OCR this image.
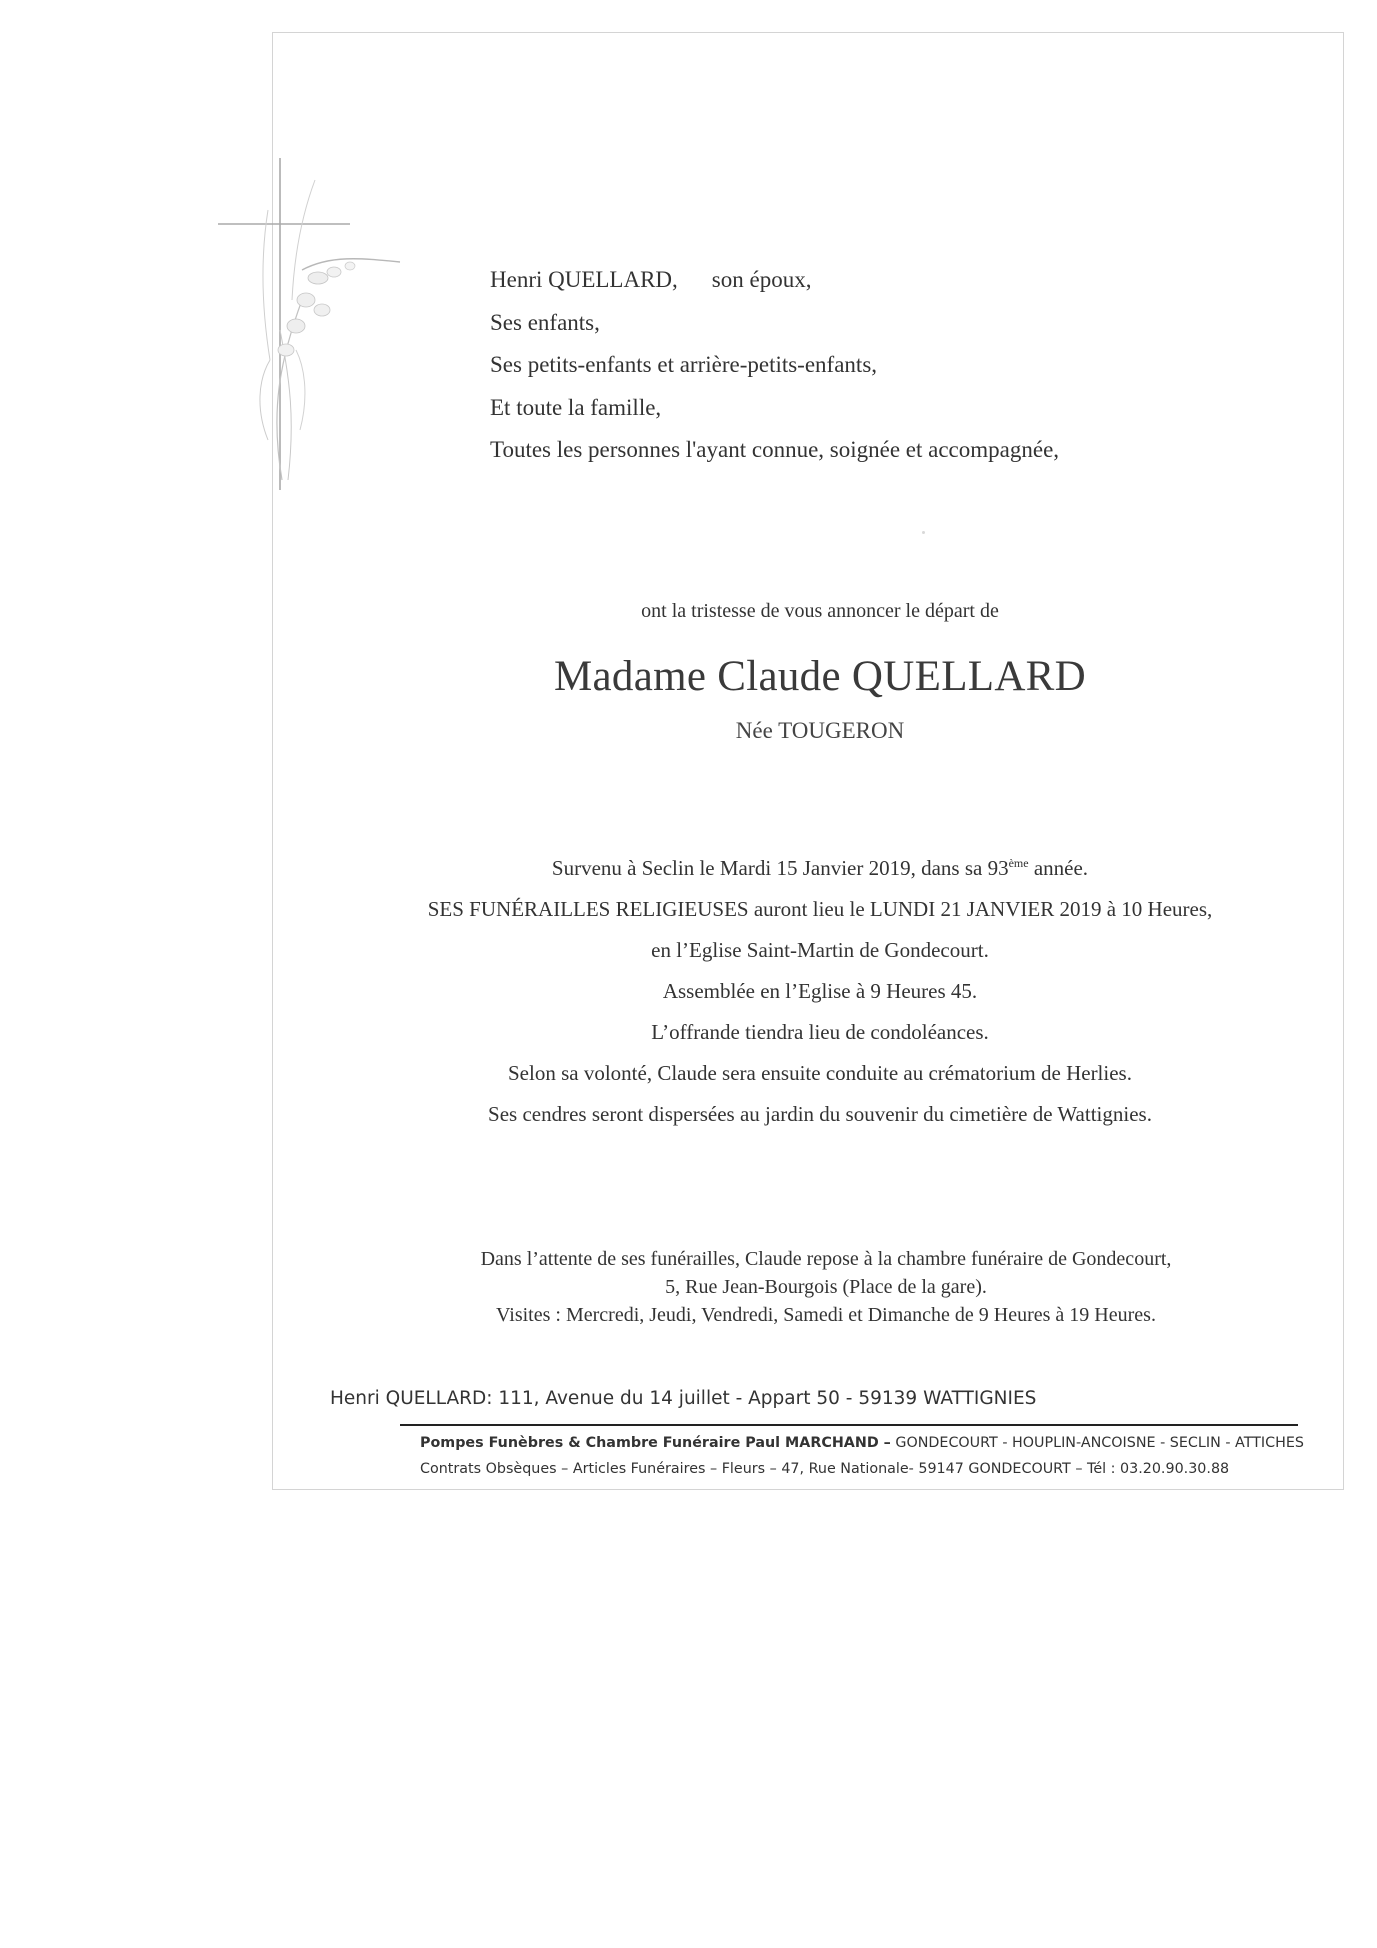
Henri QUELLARD, son époux,
Ses enfants,
Ses petits-enfants et arrière-petits-enfants,
Et toute la famille,
Toutes les personnes l'ayant connue, soignée et accompagnée,
ont la tristesse de vous annoncer le départ de
Madame Claude QUELLARD
Née TOUGERON
Survenu à Seclin le Mardi 15 Janvier 2019, dans sa 93ème année.
SES FUNÉRAILLES RELIGIEUSES auront lieu le LUNDI 21 JANVIER 2019 à 10 Heures,
en l’Eglise Saint-Martin de Gondecourt.
Assemblée en l’Eglise à 9 Heures 45.
L’offrande tiendra lieu de condoléances.
Selon sa volonté, Claude sera ensuite conduite au crématorium de Herlies.
Ses cendres seront dispersées au jardin du souvenir du cimetière de Wattignies.
Dans l’attente de ses funérailles, Claude repose à la chambre funéraire de Gondecourt,
5, Rue Jean-Bourgois (Place de la gare).
Visites : Mercredi, Jeudi, Vendredi, Samedi et Dimanche de 9 Heures à 19 Heures.
Henri QUELLARD: 111, Avenue du 14 juillet - Appart 50 - 59139 WATTIGNIES
Pompes Funèbres & Chambre Funéraire Paul MARCHAND – GONDECOURT - HOUPLIN-ANCOISNE - SECLIN - ATTICHES
Contrats Obsèques – Articles Funéraires – Fleurs – 47, Rue Nationale- 59147 GONDECOURT – Tél : 03.20.90.30.88
